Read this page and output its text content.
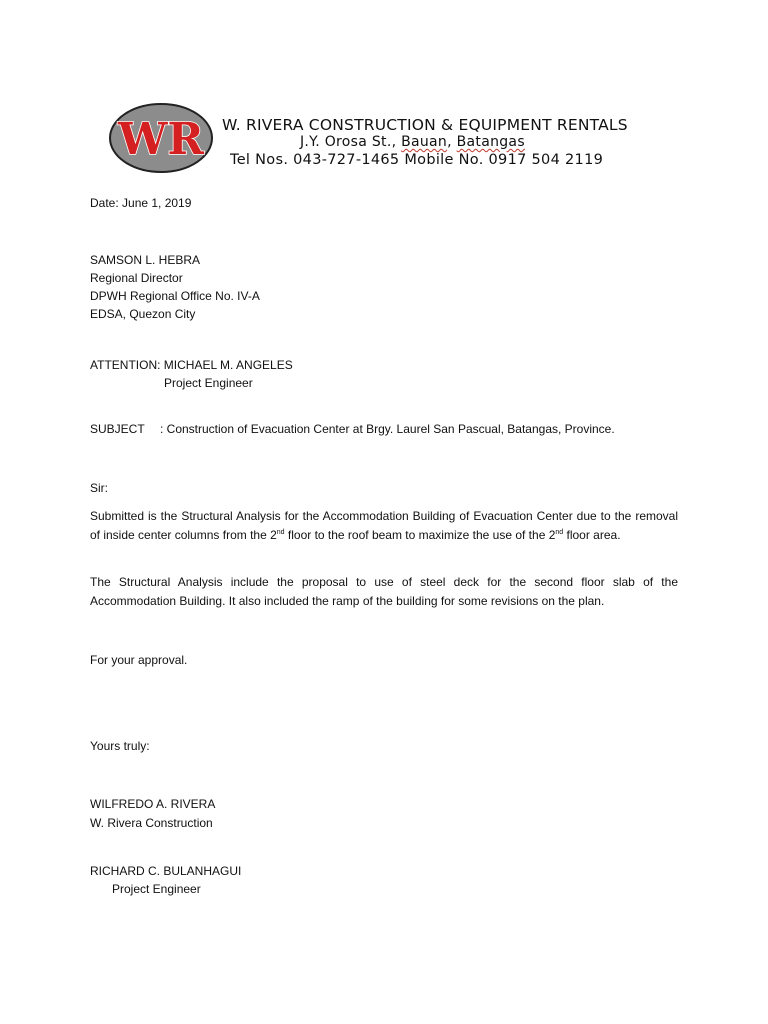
WR W. RIVERA CONSTRUCTION & EQUIPMENT RENTALS
J.Y. Orosa St., Bauan, Batangas
Tel Nos. 043-727-1465 Mobile No. 0917 504 2119
Date: June 1, 2019
SAMSON L. HEBRA
Regional Director
DPWH Regional Office No. IV-A
EDSA, Quezon City
ATTENTION: MICHAEL M. ANGELES
Project Engineer
SUBJECT : Construction of Evacuation Center at Brgy. Laurel San Pascual, Batangas, Province.
Sir:
Submitted is the Structural Analysis for the Accommodation Building of Evacuation Center due to the removal of inside center columns from the 2nd floor to the roof beam to maximize the use of the 2nd floor area.
The Structural Analysis include the proposal to use of steel deck for the second floor slab of the Accommodation Building. It also included the ramp of the building for some revisions on the plan.
For your approval.
Yours truly:
WILFREDO A. RIVERA
W. Rivera Construction
RICHARD C. BULANHAGUI
Project Engineer
